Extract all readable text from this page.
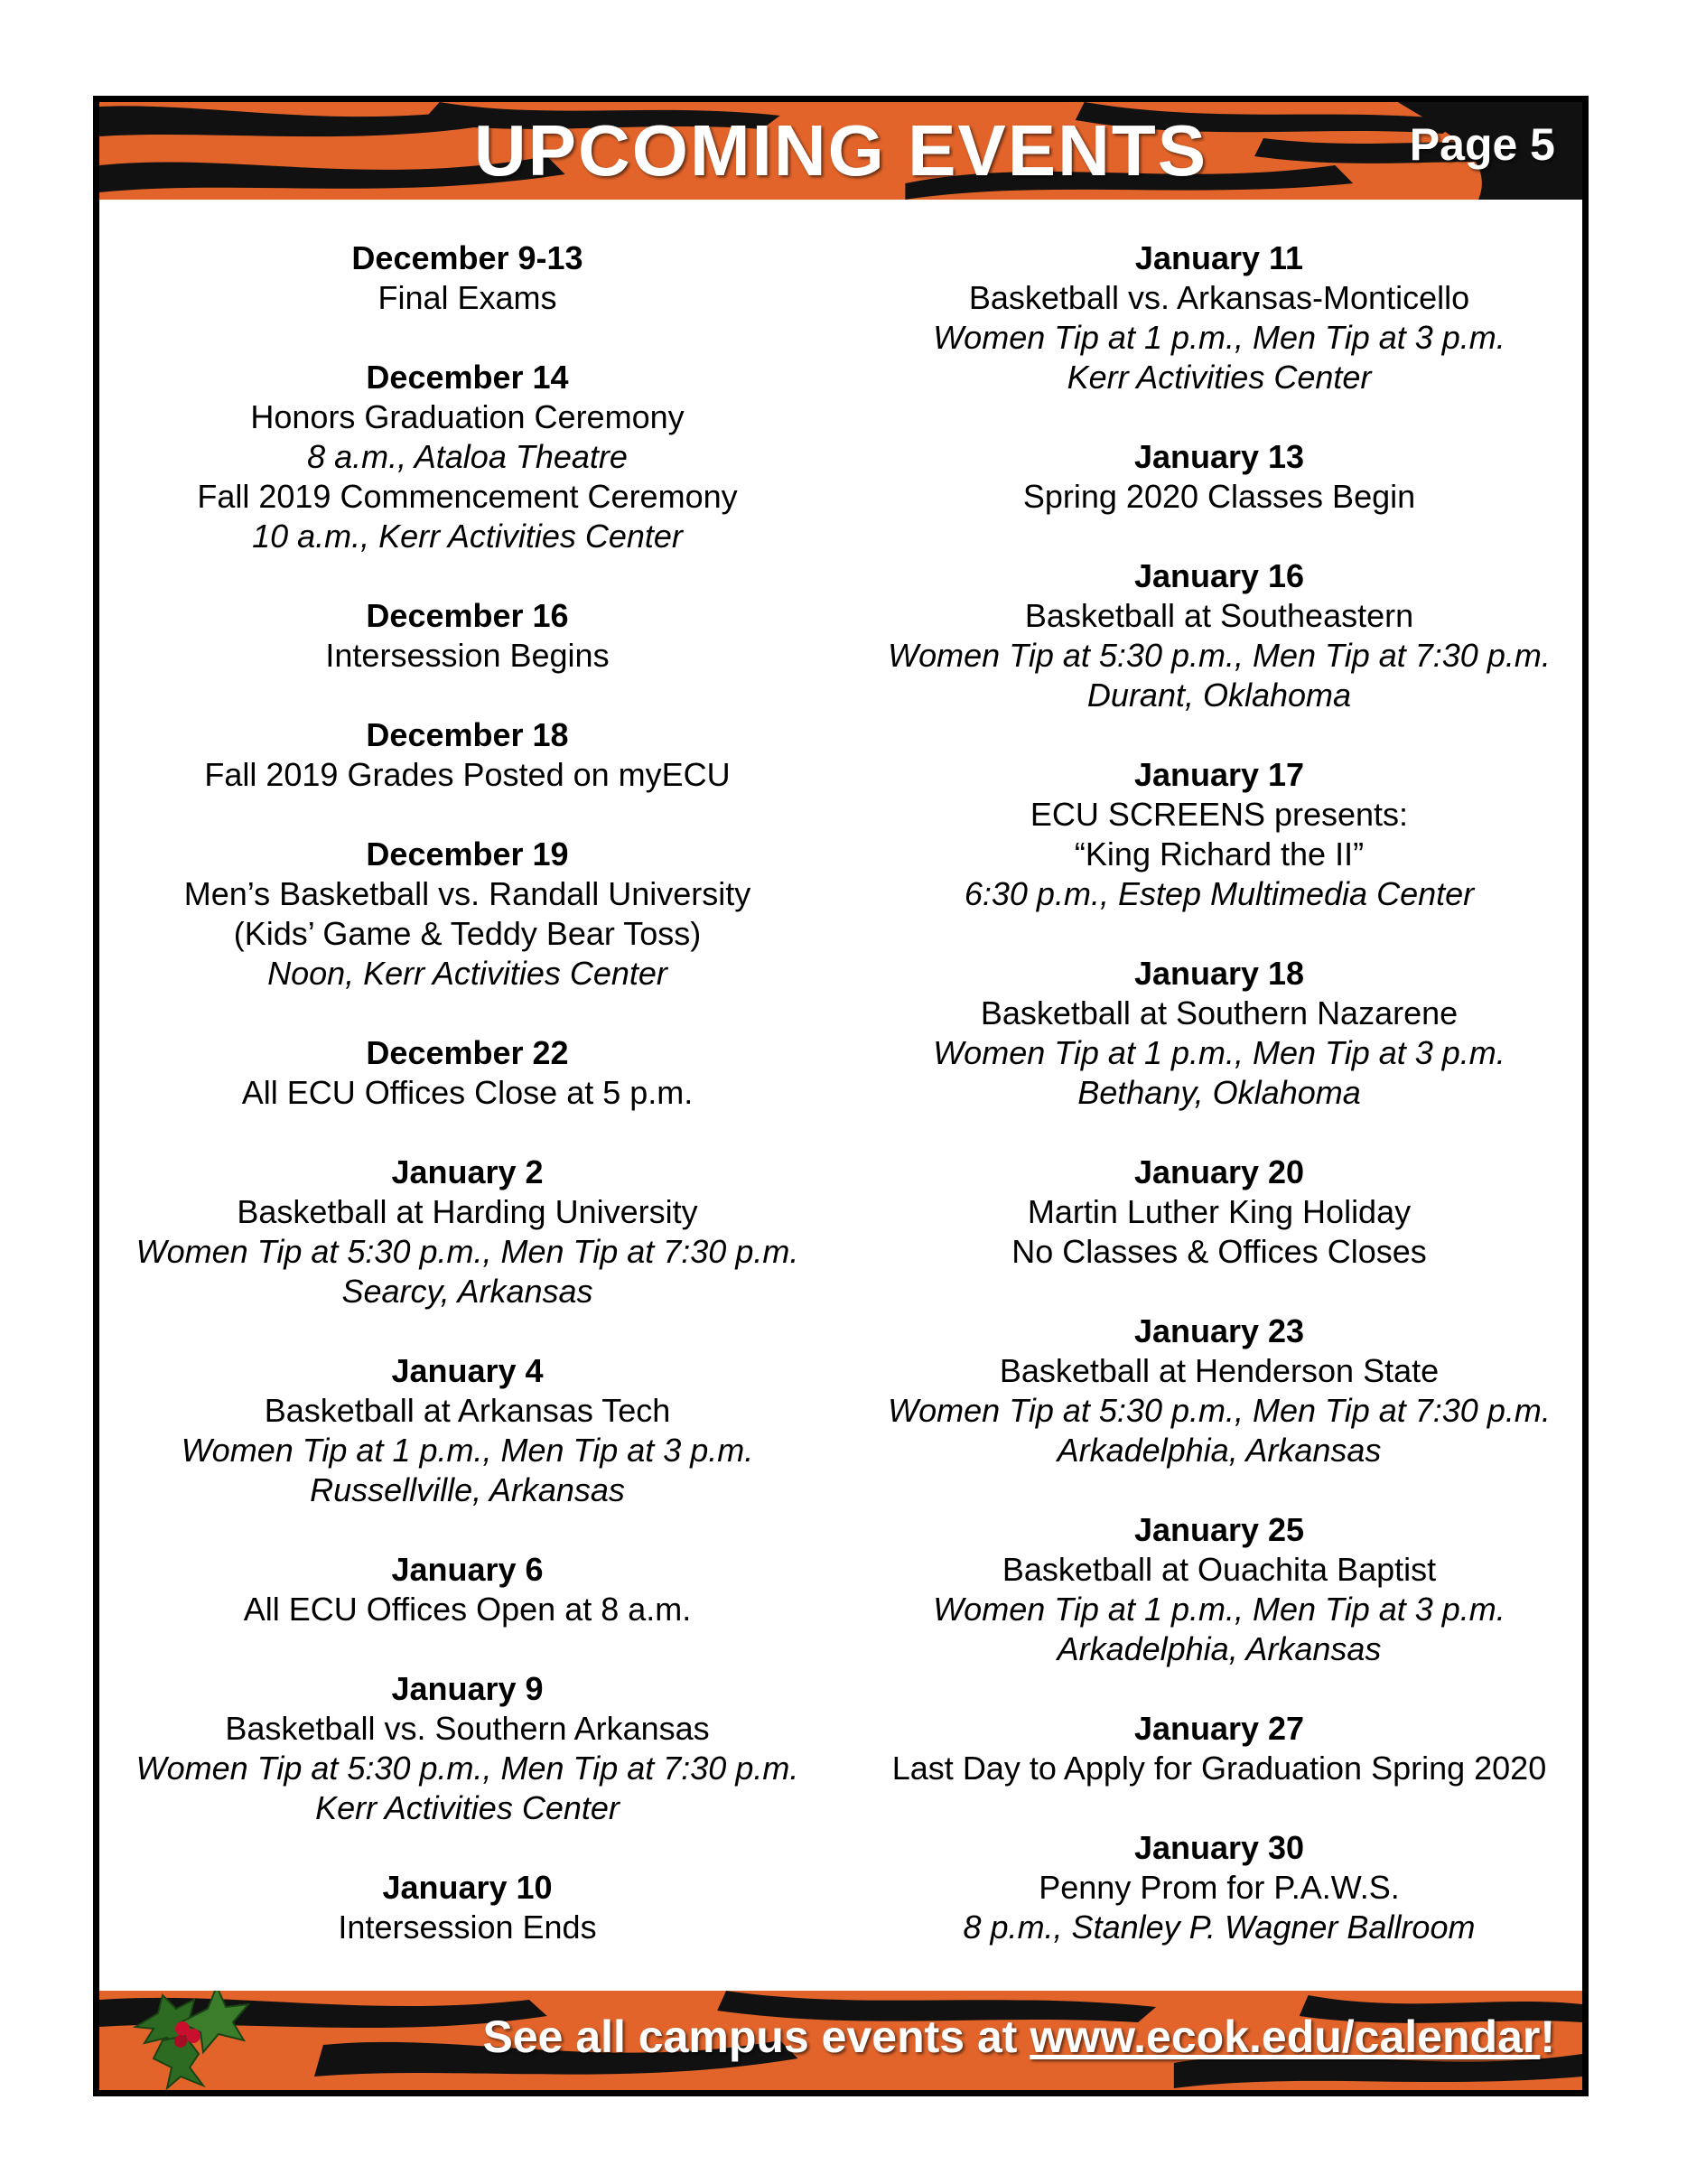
UPCOMING EVENTS	Page 5
December 9-13
Final Exams
December 14
Honors Graduation Ceremony
8 a.m., Ataloa Theatre
Fall 2019 Commencement Ceremony
10 a.m., Kerr Activities Center
December 16
Intersession Begins
December 18
Fall 2019 Grades Posted on myECU
December 19
Men’s Basketball vs. Randall University
(Kids’ Game & Teddy Bear Toss)
Noon, Kerr Activities Center
December 22
All ECU Offices Close at 5 p.m.
January 2
Basketball at Harding University
Women Tip at 5:30 p.m., Men Tip at 7:30 p.m.
Searcy, Arkansas
January 4
Basketball at Arkansas Tech
Women Tip at 1 p.m., Men Tip at 3 p.m.
Russellville, Arkansas
January 6
All ECU Offices Open at 8 a.m.
January 9
Basketball vs. Southern Arkansas
Women Tip at 5:30 p.m., Men Tip at 7:30 p.m.
Kerr Activities Center
January 10
Intersession Ends
January 11
Basketball vs. Arkansas-Monticello
Women Tip at 1 p.m., Men Tip at 3 p.m.
Kerr Activities Center
January 13
Spring 2020 Classes Begin
January 16
Basketball at Southeastern
Women Tip at 5:30 p.m., Men Tip at 7:30 p.m.
Durant, Oklahoma
January 17
ECU SCREENS presents:
“King Richard the II”
6:30 p.m., Estep Multimedia Center
January 18
Basketball at Southern Nazarene
Women Tip at 1 p.m., Men Tip at 3 p.m.
Bethany, Oklahoma
January 20
Martin Luther King Holiday
No Classes & Offices Closes
January 23
Basketball at Henderson State
Women Tip at 5:30 p.m., Men Tip at 7:30 p.m.
Arkadelphia, Arkansas
January 25
Basketball at Ouachita Baptist
Women Tip at 1 p.m., Men Tip at 3 p.m.
Arkadelphia, Arkansas
January 27
Last Day to Apply for Graduation Spring 2020
January 30
Penny Prom for P.A.W.S.
8 p.m., Stanley P. Wagner Ballroom
See all campus events at www.ecok.edu/calendar!
